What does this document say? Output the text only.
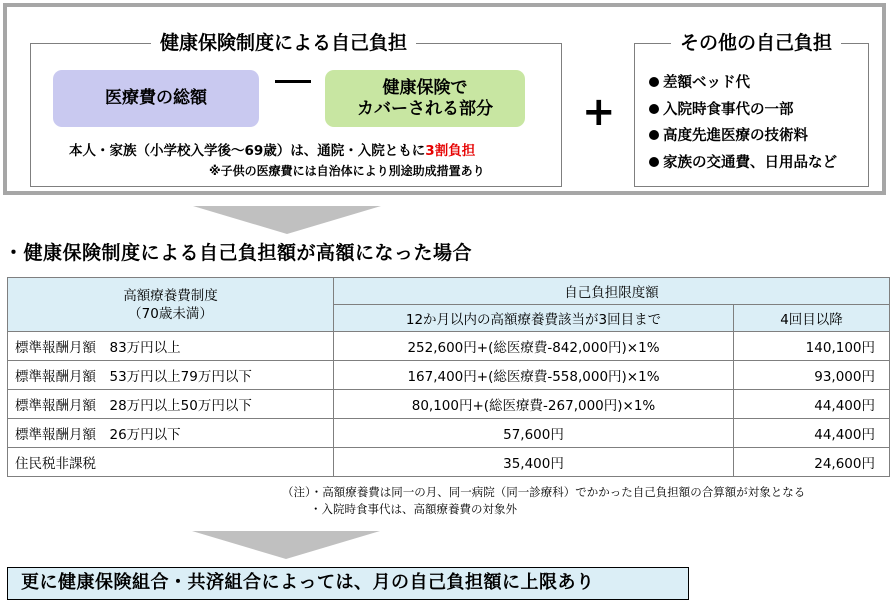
健康保険制度による自己負担
医療費の総額
健康保険で
カバーされる部分
本人・家族（小学校入学後～69歳）は、通院・入院ともに3割負担
※子供の医療費には自治体により別途助成措置あり
+
その他の自己負担
差額ベッド代
入院時食事代の一部
高度先進医療の技術料
家族の交通費、日用品など
・健康保険制度による自己負担額が高額になった場合
高額療養費制度
（70歳未満）	自己負担限度額	
	12か月以内の高額療養費該当が3回目まで	4回目以降
標準報酬月額　83万円以上	252,600円+(総医療費-842,000円)×1%	140,100円
標準報酬月額　53万円以上79万円以下	167,400円+(総医療費-558,000円)×1%	93,000円
標準報酬月額　28万円以上50万円以下	80,100円+(総医療費-267,000円)×1%	44,400円
標準報酬月額　26万円以下	57,600円	44,400円
住民税非課税	35,400円	24,600円
（注）・高額療養費は同一の月、同一病院（同一診療科）でかかった自己負担額の合算額が対象となる
・入院時食事代は、高額療養費の対象外
更に健康保険組合・共済組合によっては、月の自己負担額に上限あり
